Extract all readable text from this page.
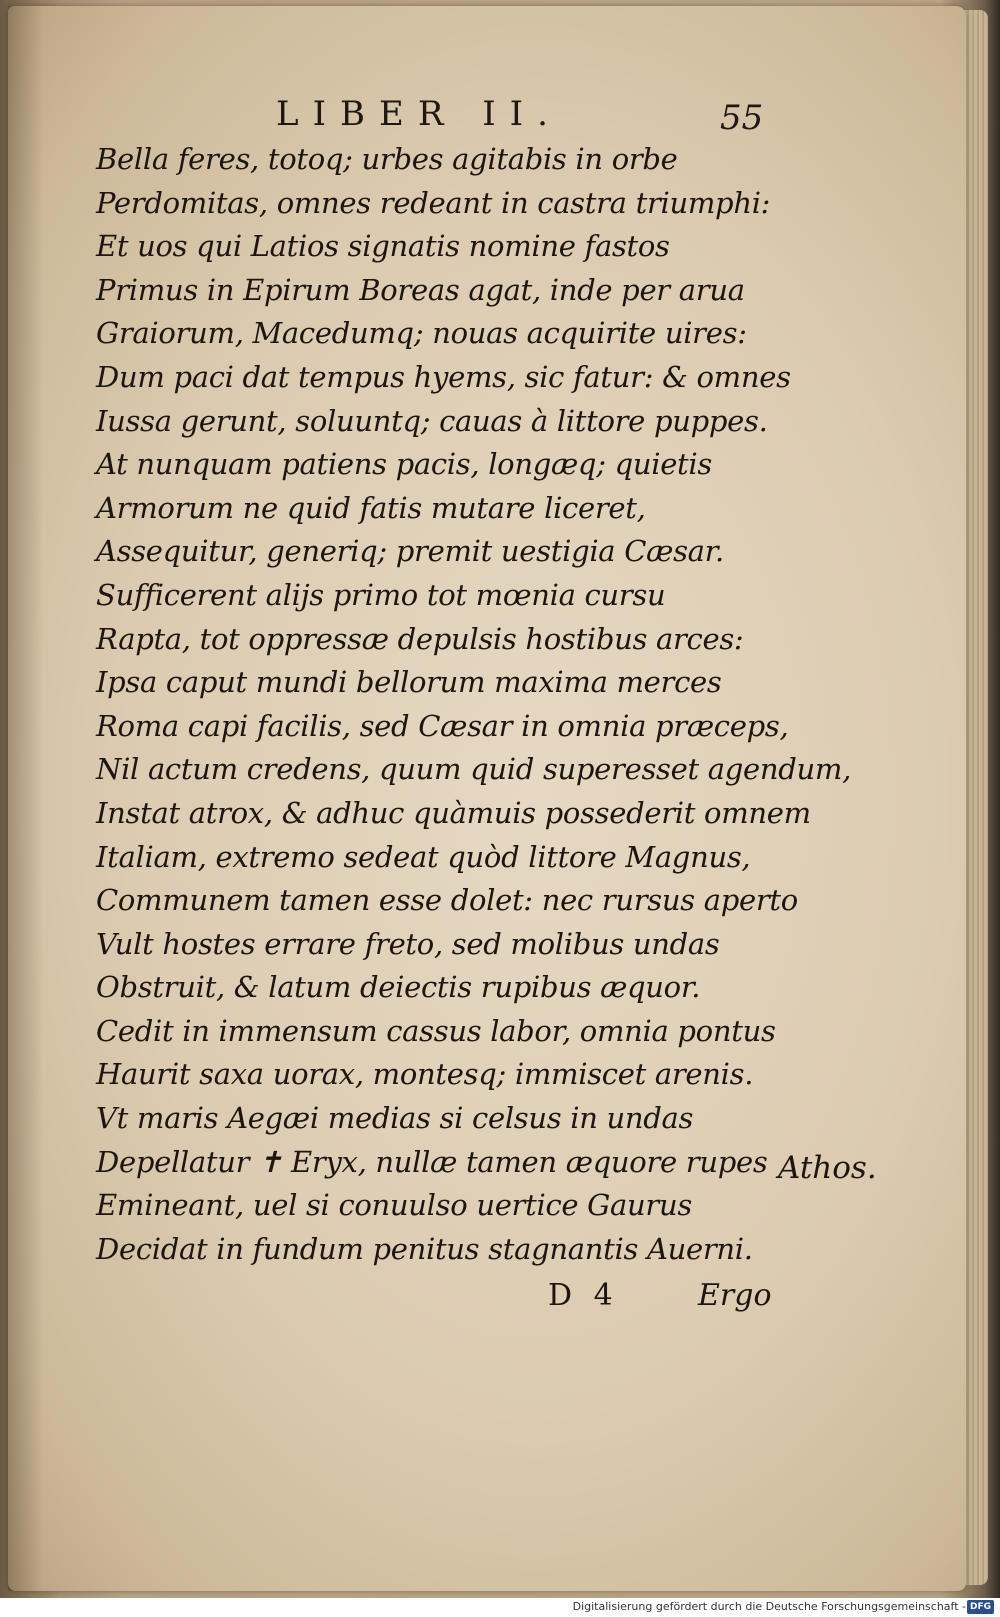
LIBER II.	55
Bella feres, totoq; urbes agitabis in orbe
Perdomitas, omnes redeant in castra triumphi:
Et uos qui Latios signatis nomine fastos
Primus in Epirum Boreas agat, inde per arua
Graiorum, Macedumq; nouas acquirite uires:
Dum paci dat tempus hyems, sic fatur: & omnes
Iussa gerunt, soluuntq; cauas à littore puppes.
At nunquam patiens pacis, longæq; quietis
Armorum ne quid fatis mutare liceret,
Assequitur, generiq; premit uestigia Cæsar.
Sufficerent alijs primo tot mœnia cursu
Rapta, tot oppressæ depulsis hostibus arces:
Ipsa caput mundi bellorum maxima merces
Roma capi facilis, sed Cæsar in omnia præceps,
Nil actum credens, quum quid superesset agendum,
Instat atrox, & adhuc quàmuis possederit omnem
Italiam, extremo sedeat quòd littore Magnus,
Communem tamen esse dolet: nec rursus aperto
Vult hostes errare freto, sed molibus undas
Obstruit, & latum deiectis rupibus æquor.
Cedit in immensum cassus labor, omnia pontus
Haurit saxa uorax, montesq; immiscet arenis.
Vt maris Aegæi medias si celsus in undas
Depellatur ✝ Eryx, nullæ tamen æquore rupes
Emineant, uel si conuulso uertice Gaurus
Decidat in fundum penitus stagnantis Auerni.
Athos.
D 4	Ergo
Digitalisierung gefördert durch die Deutsche Forschungsgemeinschaft - DFG
